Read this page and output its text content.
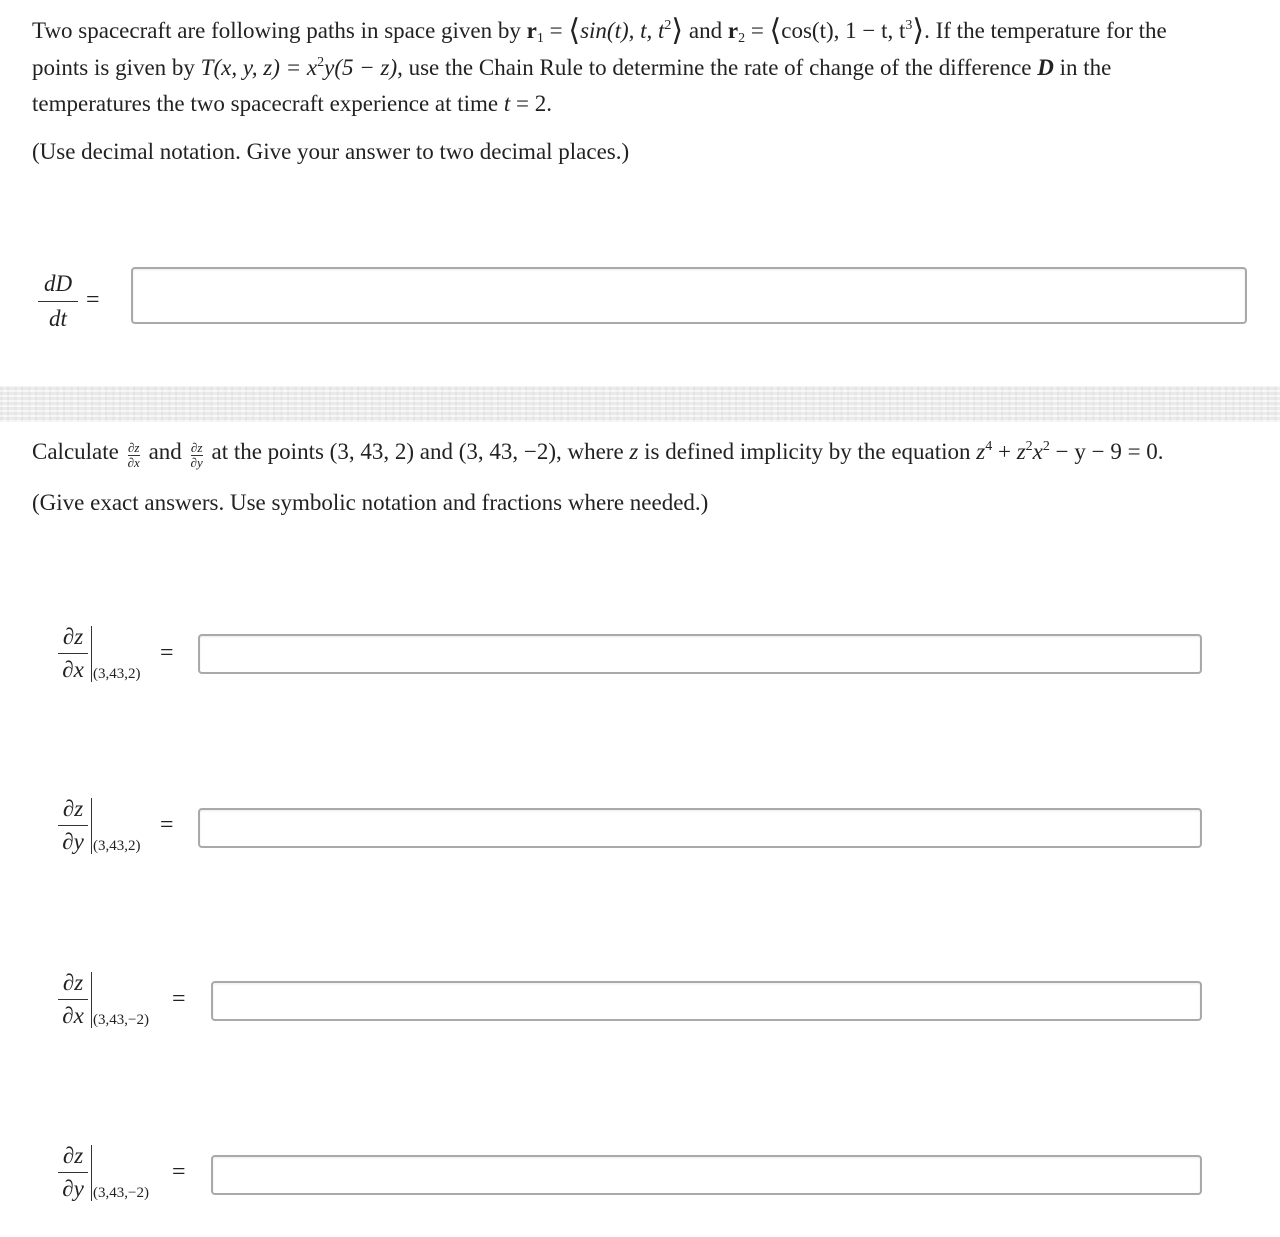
Two spacecraft are following paths in space given by $r_1$ = ⟨sin(t), t, $t^2⟩$ and $r_2$ = ⟨cos(t), 1 − t, $t^3⟩$. If the temperature for the
points is given by T(x, y, $z) = x^2y(5 - z)$, use the Chain Rule to determine the rate of change of the difference D in the
temperatures the two spacecraft experience at time t = 2.
(Use decimal notation. Give your answer to two decimal places.)
dD
dt
=
Calculate $\frac{\partial z}{\partial x}$ and $\frac{\partial z}{\partial y}$ at the points (3, 43, 2) and (3, 43, −2), where z is defined implicity by the equation $z^4 + z^2x^2 - y - 9 = 0$.
(Give exact answers. Use symbolic notation and fractions where needed.)
∂z
∂x (3,43,2)
=
∂z
∂y (3,43,2)
=
∂z
∂x (3,43,−2)
=
∂z
∂y (3,43,−2)
=
